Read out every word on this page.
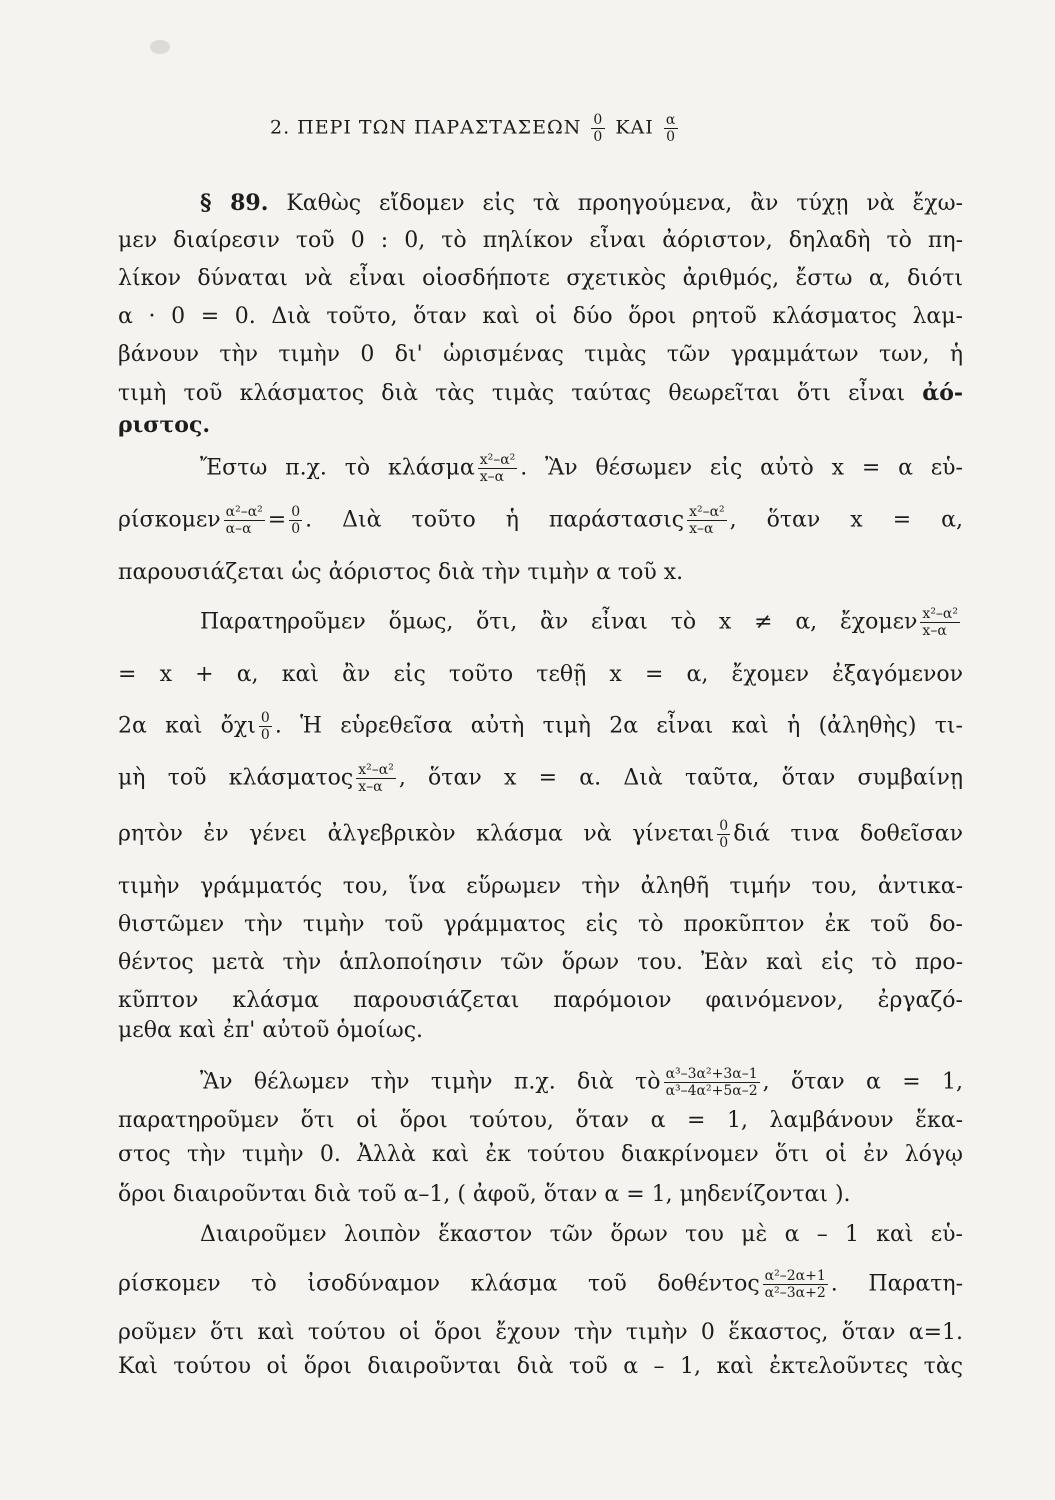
2. ΠΕΡΙ ΤΩΝ ΠΑΡΑΣΤΑΣΕΩΝ $\frac{0}{0}$ ΚΑΙ $\frac{\alpha}{0}$
§ 89. Καθὼς εἴδομεν εἰς τὰ προηγούμενα, ἂν τύχῃ νὰ ἔχω-
μεν διαίρεσιν τοῦ 0 : 0, τὸ πηλίκον εἶναι ἀόριστον, δηλαδὴ τὸ πη-
λίκον δύναται νὰ εἶναι οἱοσδήποτε σχετικὸς ἀριθμός, ἔστω α, διότι
α · 0 = 0. Διὰ τοῦτο, ὅταν καὶ οἱ δύο ὅροι ρητοῦ κλάσματος λαμ-
βάνουν τὴν τιμὴν 0 δι' ὡρισμένας τιμὰς τῶν γραμμάτων των, ἡ
τιμὴ τοῦ κλάσματος διὰ τὰς τιμὰς ταύτας θεωρεῖται ὅτι εἶναι ἀό-
ριστος.
Ἔστω π.χ. τὸ κλάσμα $\frac{\text{x²–α²}}{x-\alpha}$ . Ἂν θέσωμεν εἰς αὐτὸ x = α εὑ-
ρίσκομεν $\frac{\text{α²–α²}}{\alpha-\alpha} = \frac{0}{0}$ . Διὰ τοῦτο ἡ παράστασις $\frac{\text{x²–α²}}{x-\alpha}$ , ὅταν x = α,
παρουσιάζεται ὡς ἀόριστος διὰ τὴν τιμὴν α τοῦ x.
Παρατηροῦμεν ὅμως, ὅτι, ἂν εἶναι τὸ x ≠ α, ἔχομεν $\frac{\text{x²–α²}}{x-\alpha}$
= x + α, καὶ ἂν εἰς τοῦτο τεθῇ x = α, ἔχομεν ἐξαγόμενον
2α καὶ ὄχι $\frac{0}{0}$ . Ἡ εὑρεθεῖσα αὐτὴ τιμὴ 2α εἶναι καὶ ἡ (ἀληθὴς) τι-
μὴ τοῦ κλάσματος $\frac{\text{x²–α²}}{x-\alpha}$ , ὅταν x = α. Διὰ ταῦτα, ὅταν συμβαίνῃ
ρητὸν ἐν γένει ἀλγεβρικὸν κλάσμα νὰ γίνεται $\frac{0}{0}$ διά τινα δοθεῖσαν
τιμὴν γράμματός του, ἵνα εὕρωμεν τὴν ἀληθῆ τιμήν του, ἀντικα-
θιστῶμεν τὴν τιμὴν τοῦ γράμματος εἰς τὸ προκῦπτον ἐκ τοῦ δο-
θέντος μετὰ τὴν ἁπλοποίησιν τῶν ὅρων του. Ἐὰν καὶ εἰς τὸ προ-
κῦπτον κλάσμα παρουσιάζεται παρόμοιον φαινόμενον, ἐργαζό-
μεθα καὶ ἐπ' αὐτοῦ ὁμοίως.
Ἂν θέλωμεν τὴν τιμὴν π.χ. διὰ τὸ $\frac{\text{α³–3α²+3α–1}}{\text{α³–4α²+5α–2}}$ , ὅταν α = 1,
παρατηροῦμεν ὅτι οἱ ὅροι τούτου, ὅταν α = 1, λαμβάνουν ἕκα-
στος τὴν τιμὴν 0. Ἀλλὰ καὶ ἐκ τούτου διακρίνομεν ὅτι οἱ ἐν λόγῳ
ὅροι διαιροῦνται διὰ τοῦ α–1, ( ἀφοῦ, ὅταν α = 1, μηδενίζονται ).
Διαιροῦμεν λοιπὸν ἕκαστον τῶν ὅρων του μὲ α – 1 καὶ εὑ-
ρίσκομεν τὸ ἰσοδύναμον κλάσμα τοῦ δοθέντος $\frac{\text{α²–2α+1}}{\text{α²–3α+2}}$ . Παρατη-
ροῦμεν ὅτι καὶ τούτου οἱ ὅροι ἔχουν τὴν τιμὴν 0 ἕκαστος, ὅταν α=1.
Καὶ τούτου οἱ ὅροι διαιροῦνται διὰ τοῦ α – 1, καὶ ἐκτελοῦντες τὰς
